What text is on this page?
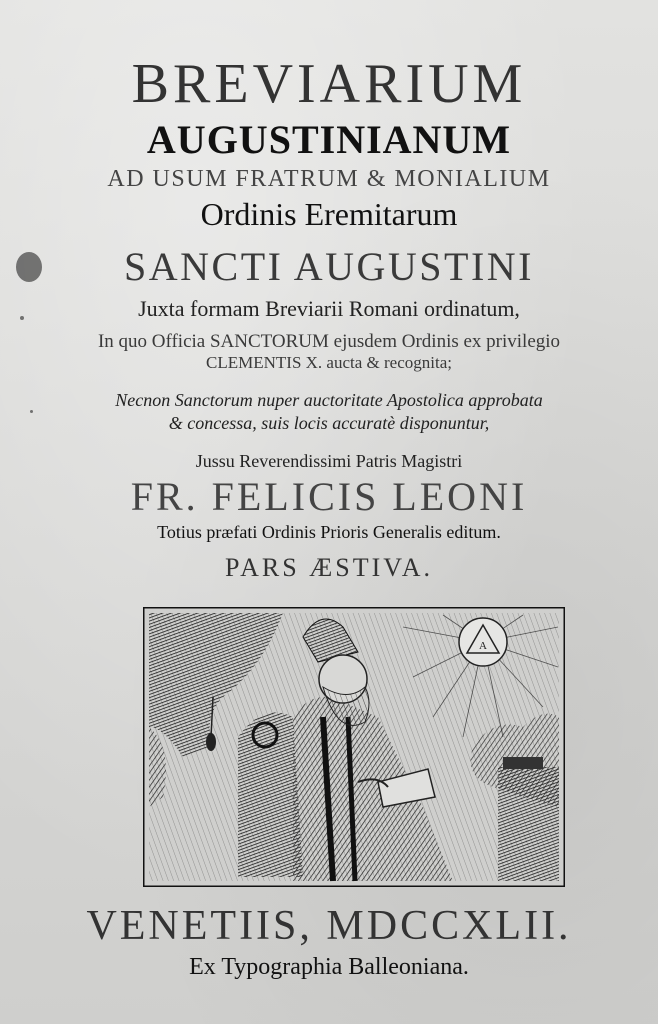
BREVIARIUM
AUGUSTINIANUM
AD USUM FRATRUM & MONIALIUM
Ordinis Eremitarum
SANCTI AUGUSTINI
Juxta formam Breviarii Romani ordinatum,
In quo Officia SANCTORUM ejusdem Ordinis ex privilegio
CLEMENTIS X. aucta & recognita;
Necnon Sanctorum nuper auctoritate Apostolica approbata
& concessa, suis locis accuratè disponuntur,
Jussu Reverendissimi Patris Magistri
FR. FELICIS LEONI
Totius præfati Ordinis Prioris Generalis editum.
PARS ÆSTIVA.
A
VENETIIS, MDCCXLII.
Ex Typographia Balleoniana.
